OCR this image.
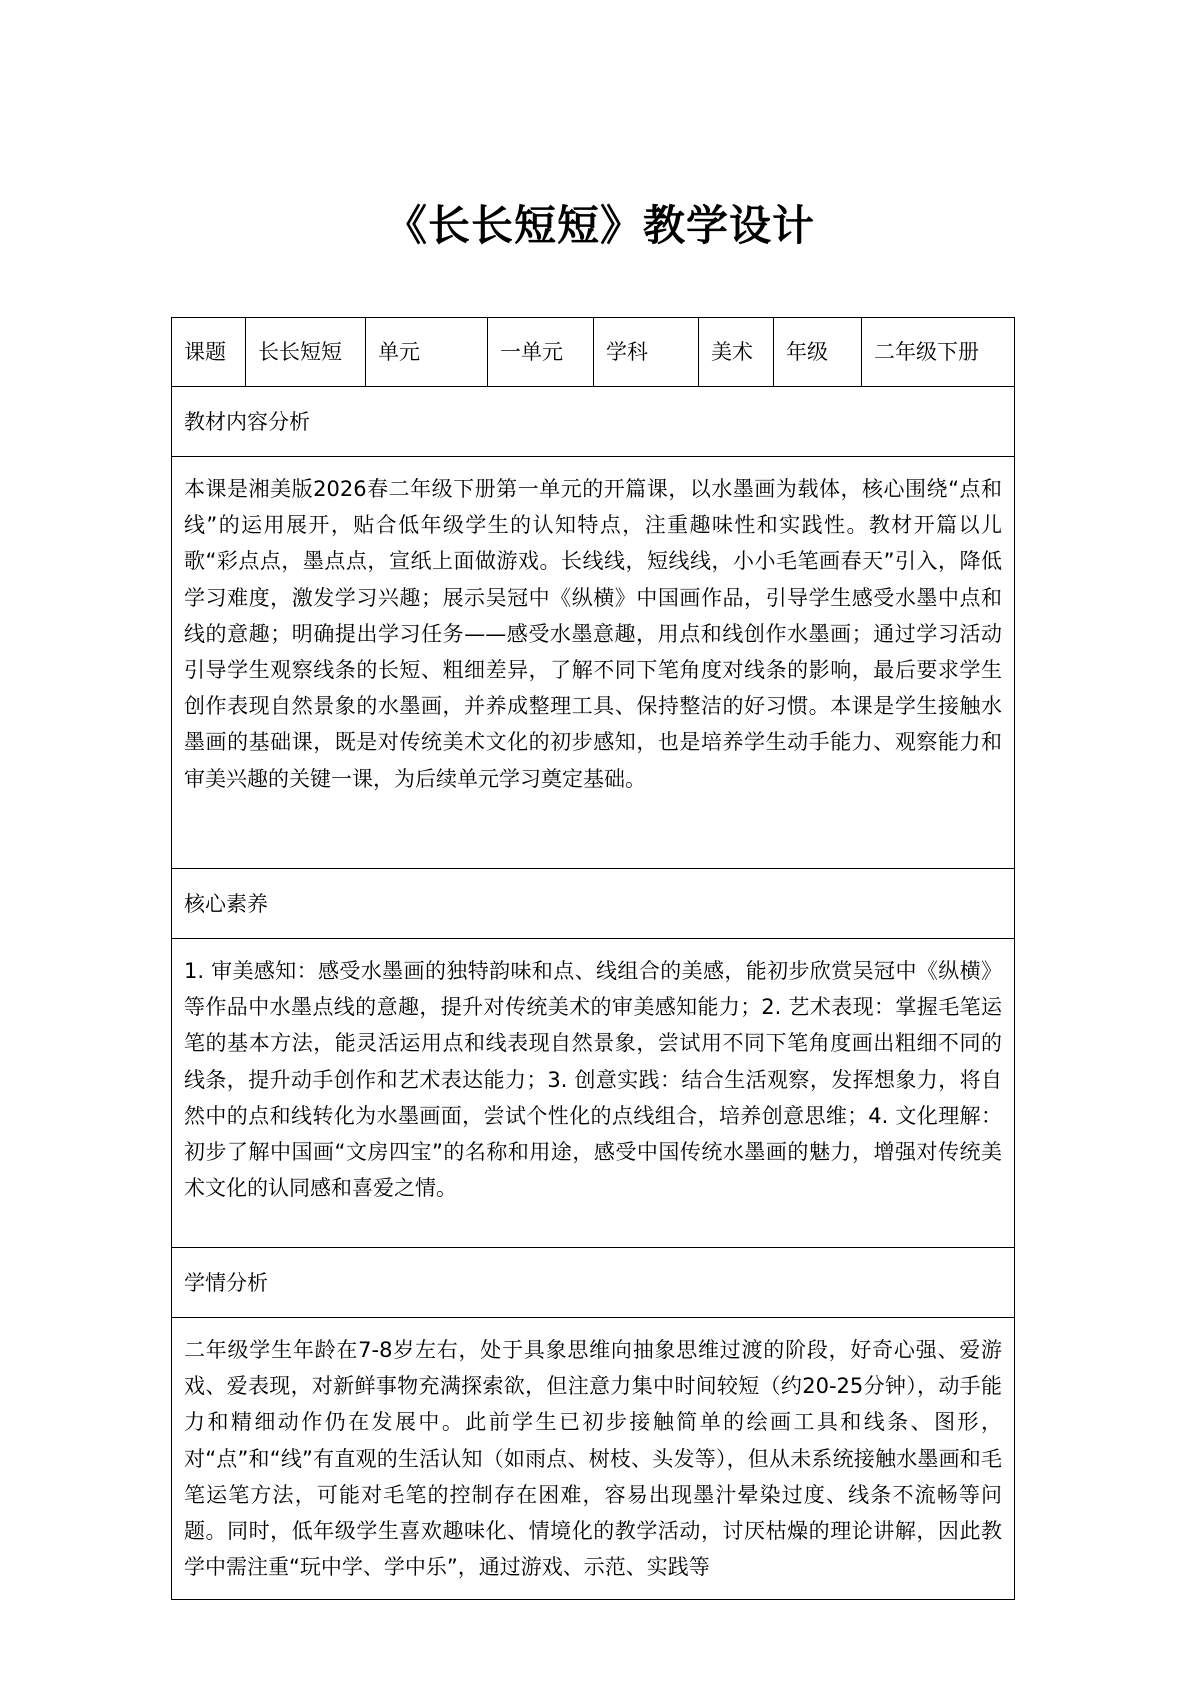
《长长短短》教学设计
课题	长长短短	单元	一单元	学科	美术	年级	二年级下册
教材内容分析
本课是湘美版2026春二年级下册第一单元的开篇课，以水墨画为载体，核心围绕“点和线”的运用展开，贴合低年级学生的认知特点，注重趣味性和实践性。教材开篇以儿歌“彩点点，墨点点，宣纸上面做游戏。长线线，短线线，小小毛笔画春天”引入，降低学习难度，激发学习兴趣；展示吴冠中《纵横》中国画作品，引导学生感受水墨中点和线的意趣；明确提出学习任务——感受水墨意趣，用点和线创作水墨画；通过学习活动引导学生观察线条的长短、粗细差异，了解不同下笔角度对线条的影响，最后要求学生创作表现自然景象的水墨画，并养成整理工具、保持整洁的好习惯。本课是学生接触水墨画的基础课，既是对传统美术文化的初步感知，也是培养学生动手能力、观察能力和审美兴趣的关键一课，为后续单元学习奠定基础。
核心素养
1. 审美感知：感受水墨画的独特韵味和点、线组合的美感，能初步欣赏吴冠中《纵横》等作品中水墨点线的意趣，提升对传统美术的审美感知能力；2. 艺术表现：掌握毛笔运笔的基本方法，能灵活运用点和线表现自然景象，尝试用不同下笔角度画出粗细不同的线条，提升动手创作和艺术表达能力；3. 创意实践：结合生活观察，发挥想象力，将自然中的点和线转化为水墨画面，尝试个性化的点线组合，培养创意思维；4. 文化理解：初步了解中国画“文房四宝”的名称和用途，感受中国传统水墨画的魅力，增强对传统美术文化的认同感和喜爱之情。
学情分析
二年级学生年龄在7-8岁左右，处于具象思维向抽象思维过渡的阶段，好奇心强、爱游戏、爱表现，对新鲜事物充满探索欲，但注意力集中时间较短（约20-25分钟），动手能力和精细动作仍在发展中。此前学生已初步接触简单的绘画工具和线条、图形，对“点”和“线”有直观的生活认知（如雨点、树枝、头发等），但从未系统接触水墨画和毛笔运笔方法，可能对毛笔的控制存在困难，容易出现墨汁晕染过度、线条不流畅等问题。同时，低年级学生喜欢趣味化、情境化的教学活动，讨厌枯燥的理论讲解，因此教学中需注重“玩中学、学中乐”，通过游戏、示范、实践等
